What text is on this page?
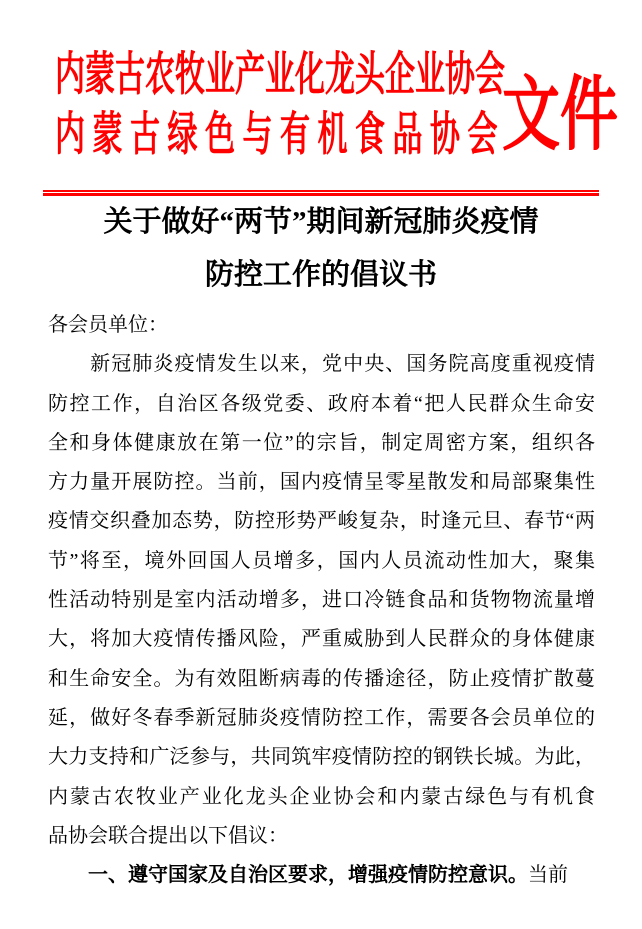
内蒙古农牧业产业化龙头企业协会
内蒙古绿色与有机食品协会
文件
关于做好“两节”期间新冠肺炎疫情
防控工作的倡议书
各会员单位：
　　新冠肺炎疫情发生以来，党中央、国务院高度重视疫情
防控工作，自治区各级党委、政府本着“把人民群众生命安
全和身体健康放在第一位”的宗旨，制定周密方案，组织各
方力量开展防控。当前，国内疫情呈零星散发和局部聚集性
疫情交织叠加态势，防控形势严峻复杂，时逢元旦、春节“两
节”将至，境外回国人员增多，国内人员流动性加大，聚集
性活动特别是室内活动增多，进口冷链食品和货物物流量增
大，将加大疫情传播风险，严重威胁到人民群众的身体健康
和生命安全。为有效阻断病毒的传播途径，防止疫情扩散蔓
延，做好冬春季新冠肺炎疫情防控工作，需要各会员单位的
大力支持和广泛参与，共同筑牢疫情防控的钢铁长城。为此，
内蒙古农牧业产业化龙头企业协会和内蒙古绿色与有机食
品协会联合提出以下倡议：
一、遵守国家及自治区要求，增强疫情防控意识。当前
